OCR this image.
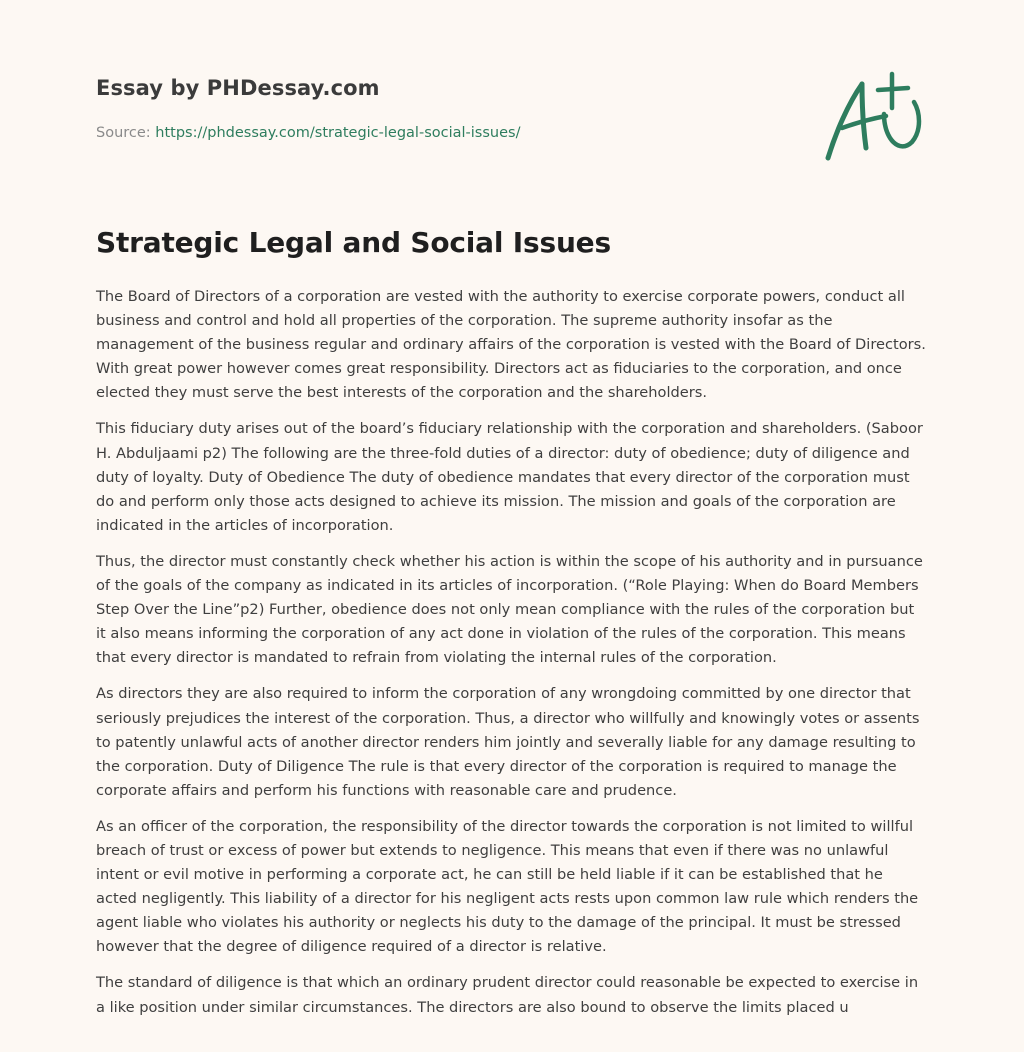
Essay by PHDessay.com
Source: https://phdessay.com/strategic-legal-social-issues/
Strategic Legal and Social Issues

The Board of Directors of a corporation are vested with the authority to exercise corporate powers, conduct all business and control and hold all properties of the corporation. The supreme authority insofar as the management of the business regular and ordinary affairs of the corporation is vested with the Board of Directors. With great power however comes great responsibility. Directors act as fiduciaries to the corporation, and once elected they must serve the best interests of the corporation and the shareholders.

This fiduciary duty arises out of the board’s fiduciary relationship with the corporation and shareholders. (Saboor H. Abduljaami p2) The following are the three-fold duties of a director: duty of obedience; duty of diligence and duty of loyalty. Duty of Obedience The duty of obedience mandates that every director of the corporation must do and perform only those acts designed to achieve its mission. The mission and goals of the corporation are indicated in the articles of incorporation.

Thus, the director must constantly check whether his action is within the scope of his authority and in pursuance of the goals of the company as indicated in its articles of incorporation. (“Role Playing: When do Board Members Step Over the Line”p2) Further, obedience does not only mean compliance with the rules of the corporation but it also means informing the corporation of any act done in violation of the rules of the corporation. This means that every director is mandated to refrain from violating the internal rules of the corporation.

As directors they are also required to inform the corporation of any wrongdoing committed by one director that seriously prejudices the interest of the corporation. Thus, a director who willfully and knowingly votes or assents to patently unlawful acts of another director renders him jointly and severally liable for any damage resulting to the corporation. Duty of Diligence The rule is that every director of the corporation is required to manage the corporate affairs and perform his functions with reasonable care and prudence.

As an officer of the corporation, the responsibility of the director towards the corporation is not limited to willful breach of trust or excess of power but extends to negligence. This means that even if there was no unlawful intent or evil motive in performing a corporate act, he can still be held liable if it can be established that he acted negligently. This liability of a director for his negligent acts rests upon common law rule which renders the agent liable who violates his authority or neglects his duty to the damage of the principal. It must be stressed however that the degree of diligence required of a director is relative.

The standard of diligence is that which an ordinary prudent director could reasonable be expected to exercise in a like position under similar circumstances. The directors are also bound to observe the limits placed u
